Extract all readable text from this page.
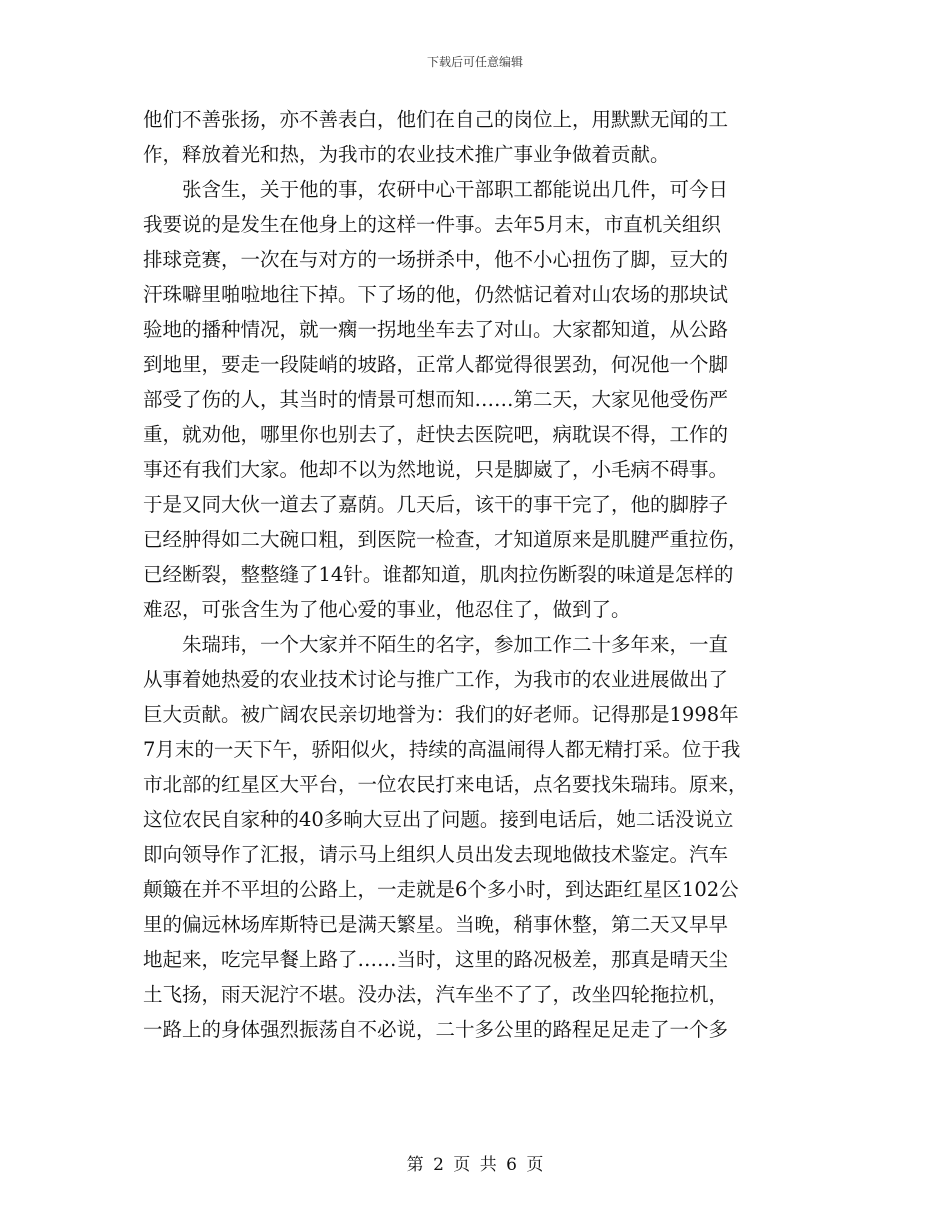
下载后可任意编辑
他们不善张扬，亦不善表白，他们在自己的岗位上，用默默无闻的工
作，释放着光和热，为我市的农业技术推广事业争做着贡献。
张含生，关于他的事，农研中心干部职工都能说出几件，可今日
我要说的是发生在他身上的这样一件事。去年5月末，市直机关组织
排球竞赛，一次在与对方的一场拼杀中，他不小心扭伤了脚，豆大的
汗珠噼里啪啦地往下掉。下了场的他，仍然惦记着对山农场的那块试
验地的播种情况，就一瘸一拐地坐车去了对山。大家都知道，从公路
到地里，要走一段陡峭的坡路，正常人都觉得很罢劲，何况他一个脚
部受了伤的人，其当时的情景可想而知……第二天，大家见他受伤严
重，就劝他，哪里你也别去了，赶快去医院吧，病耽误不得，工作的
事还有我们大家。他却不以为然地说，只是脚崴了，小毛病不碍事。
于是又同大伙一道去了嘉荫。几天后，该干的事干完了，他的脚脖子
已经肿得如二大碗口粗，到医院一检查，才知道原来是肌腱严重拉伤，
已经断裂，整整缝了14针。谁都知道，肌肉拉伤断裂的味道是怎样的
难忍，可张含生为了他心爱的事业，他忍住了，做到了。
朱瑞玮，一个大家并不陌生的名字，参加工作二十多年来，一直
从事着她热爱的农业技术讨论与推广工作，为我市的农业进展做出了
巨大贡献。被广阔农民亲切地誉为：我们的好老师。记得那是1998年
7月末的一天下午，骄阳似火，持续的高温闹得人都无精打采。位于我
市北部的红星区大平台，一位农民打来电话，点名要找朱瑞玮。原来，
这位农民自家种的40多晌大豆出了问题。接到电话后，她二话没说立
即向领导作了汇报，请示马上组织人员出发去现地做技术鉴定。汽车
颠簸在并不平坦的公路上，一走就是6个多小时，到达距红星区102公
里的偏远林场库斯特已是满天繁星。当晚，稍事休整，第二天又早早
地起来，吃完早餐上路了……当时，这里的路况极差，那真是晴天尘
土飞扬，雨天泥泞不堪。没办法，汽车坐不了了，改坐四轮拖拉机，
一路上的身体强烈振荡自不必说，二十多公里的路程足足走了一个多
第 2 页 共 6 页
